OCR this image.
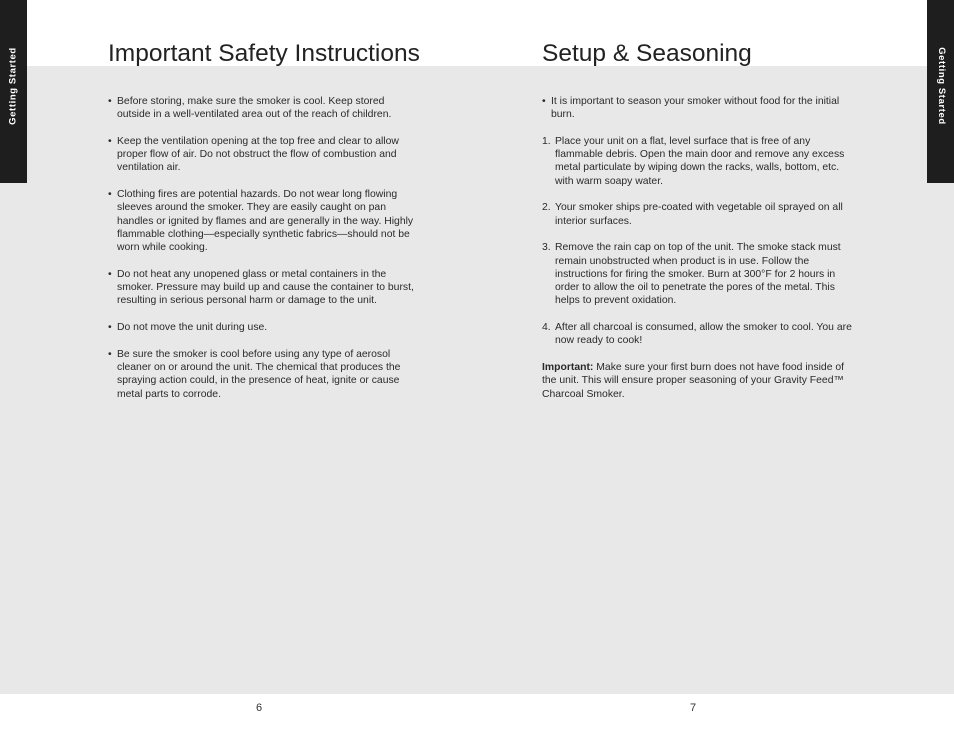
Getting Started	Getting Started
Important Safety Instructions	Setup & Seasoning

• Before storing, make sure the smoker is cool. Keep stored outside in a well-ventilated area out of the reach of children.

• Keep the ventilation opening at the top free and clear to allow proper flow of air. Do not obstruct the flow of combustion and ventilation air.

• Clothing fires are potential hazards. Do not wear long flowing sleeves around the smoker. They are easily caught on pan handles or ignited by flames and are generally in the way. Highly flammable clothing—especially synthetic fabrics—should not be worn while cooking.

• Do not heat any unopened glass or metal containers in the smoker. Pressure may build up and cause the container to burst, resulting in serious personal harm or damage to the unit.

• Do not move the unit during use.

• Be sure the smoker is cool before using any type of aerosol cleaner on or around the unit. The chemical that produces the spraying action could, in the presence of heat, ignite or cause metal parts to corrode.

• It is important to season your smoker without food for the initial burn.

1. Place your unit on a flat, level surface that is free of any flammable debris. Open the main door and remove any excess metal particulate by wiping down the racks, walls, bottom, etc. with warm soapy water.

2. Your smoker ships pre-coated with vegetable oil sprayed on all interior surfaces.

3. Remove the rain cap on top of the unit. The smoke stack must remain unobstructed when product is in use. Follow the instructions for firing the smoker. Burn at 300°F for 2 hours in order to allow the oil to penetrate the pores of the metal. This helps to prevent oxidation.

4. After all charcoal is consumed, allow the smoker to cool. You are now ready to cook!

Important: Make sure your first burn does not have food inside of the unit. This will ensure proper seasoning of your Gravity Feed™ Charcoal Smoker.

6	7
